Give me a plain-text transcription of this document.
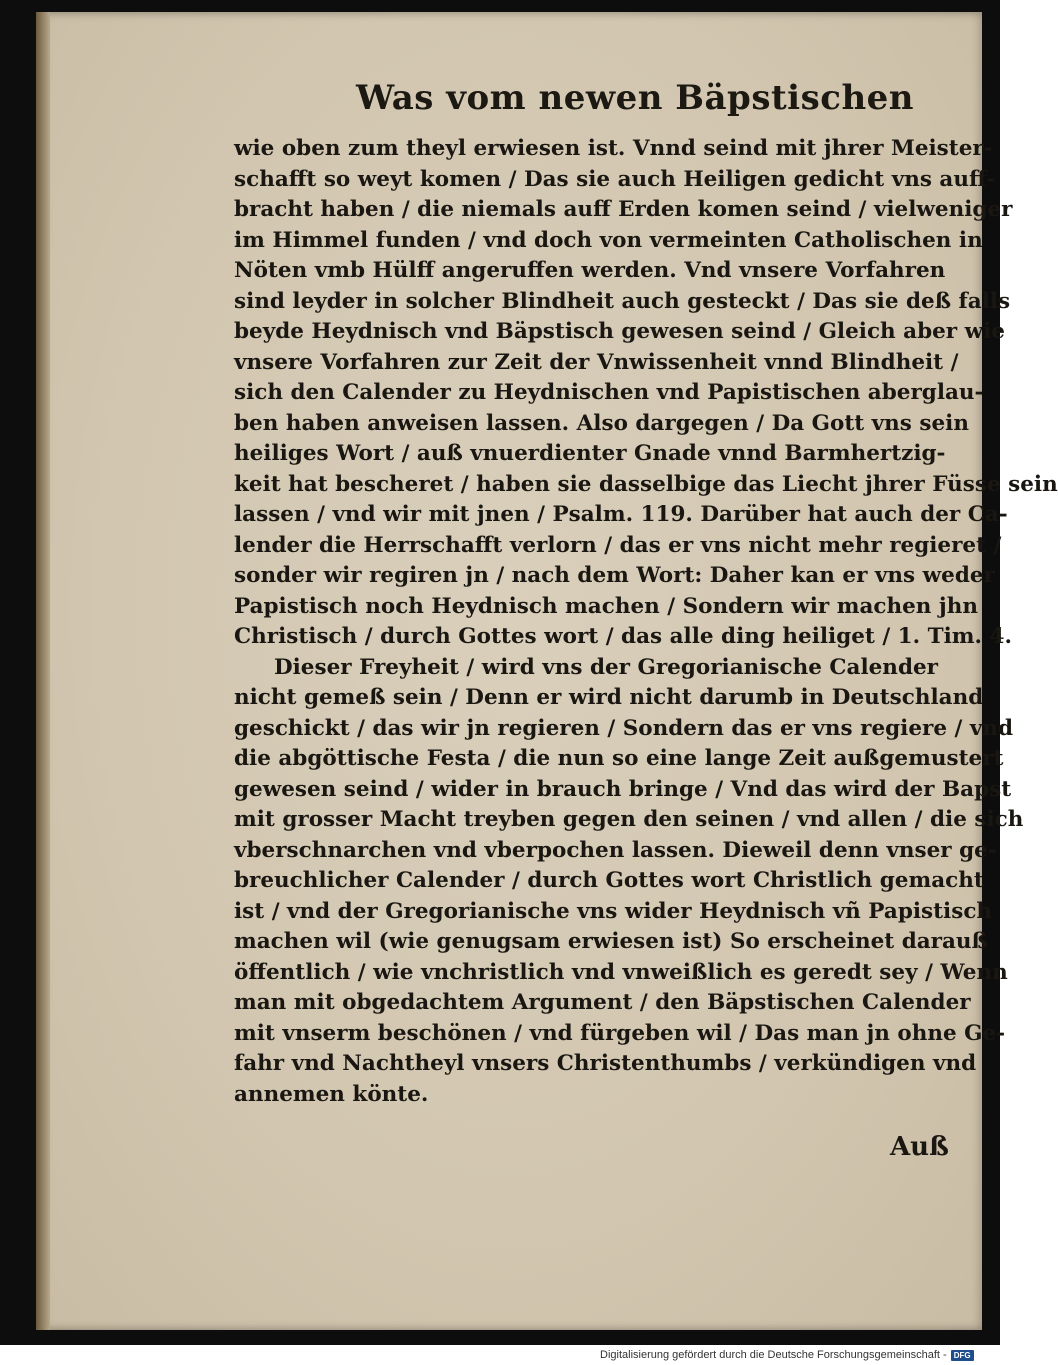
Was vom newen Bäpstischen
wie oben zum theyl erwiesen ist. Vnnd seind mit jhrer Meister-
schafft so weyt komen / Das sie auch Heiligen gedicht vns auff-
bracht haben / die niemals auff Erden komen seind / vielweniger
im Himmel funden / vnd doch von vermeinten Catholischen in
Nöten vmb Hülff angeruffen werden. Vnd vnsere Vorfahren
sind leyder in solcher Blindheit auch gesteckt / Das sie deß falls
beyde Heydnisch vnd Bäpstisch gewesen seind / Gleich aber wie
vnsere Vorfahren zur Zeit der Vnwissenheit vnnd Blindheit /
sich den Calender zu Heydnischen vnd Papistischen aberglau-
ben haben anweisen lassen. Also dargegen / Da Gott vns sein
heiliges Wort / auß vnuerdienter Gnade vnnd Barmhertzig-
keit hat bescheret / haben sie dasselbige das Liecht jhrer Füsse sein
lassen / vnd wir mit jnen / Psalm. 119. Darüber hat auch der Ca-
lender die Herrschafft verlorn / das er vns nicht mehr regieret /
sonder wir regiren jn / nach dem Wort: Daher kan er vns weder
Papistisch noch Heydnisch machen / Sondern wir machen jhn
Christisch / durch Gottes wort / das alle ding heiliget / 1. Tim. 4.
Dieser Freyheit / wird vns der Gregorianische Calender
nicht gemeß sein / Denn er wird nicht darumb in Deutschland
geschickt / das wir jn regieren / Sondern das er vns regiere / vnd
die abgöttische Festa / die nun so eine lange Zeit außgemustert
gewesen seind / wider in brauch bringe / Vnd das wird der Bapst
mit grosser Macht treyben gegen den seinen / vnd allen / die sich
vberschnarchen vnd vberpochen lassen. Dieweil denn vnser ge-
breuchlicher Calender / durch Gottes wort Christlich gemacht
ist / vnd der Gregorianische vns wider Heydnisch vñ Papistisch
machen wil (wie genugsam erwiesen ist) So erscheinet darauß
öffentlich / wie vnchristlich vnd vnweißlich es geredt sey / Wenn
man mit obgedachtem Argument / den Bäpstischen Calender
mit vnserm beschönen / vnd fürgeben wil / Das man jn ohne Ge-
fahr vnd Nachtheyl vnsers Christenthumbs / verkündigen vnd
annemen könte.
Auß
Digitalisierung gefördert durch die Deutsche Forschungsgemeinschaft - DFG
